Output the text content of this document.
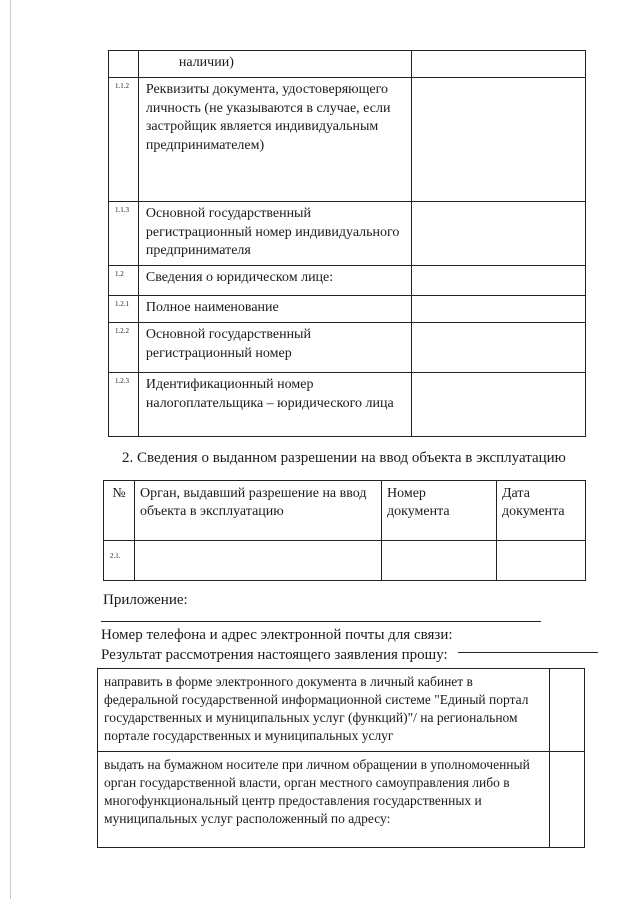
	наличии)	
1.1.2	Реквизиты документа, удостоверяющего личность (не указываются в случае, если застройщик является индивидуальным предпринимателем)	
1.1.3	Основной государственный регистрационный номер индивидуального предпринимателя	
1.2	Сведения о юридическом лице:	
1.2.1	Полное наименование	
1.2.2	Основной государственный регистрационный номер	
1.2.3	Идентификационный номер налогоплательщика – юридического лица	
2. Сведения о выданном разрешении на ввод объекта в эксплуатацию
№	Орган, выдавший разрешение на ввод объекта в эксплуатацию	Номер документа	Дата документа
2.1.			
Приложение:
Номер телефона и адрес электронной почты для связи:
Результат рассмотрения настоящего заявления прошу:
направить в форме электронного документа в личный кабинет в федеральной государственной информационной системе "Единый портал государственных и муниципальных услуг (функций)"/ на региональном портале государственных и муниципальных услуг	
выдать на бумажном носителе при личном обращении в уполномоченный орган государственной власти, орган местного самоуправления либо в многофункциональный центр предоставления государственных и муниципальных услуг расположенный по адресу:	
